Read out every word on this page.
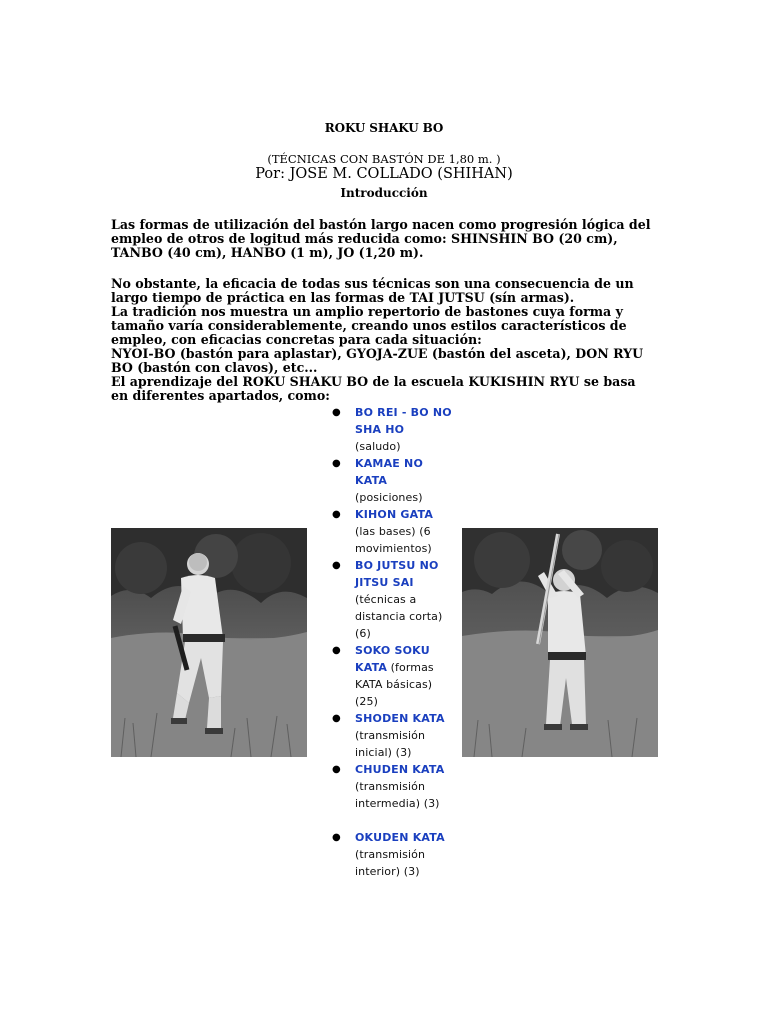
ROKU SHAKU BO
(TÉCNICAS CON BASTÓN DE 1,80 m. )
Por: JOSE M. COLLADO (SHIHAN)
Introducción

Las formas de utilización del bastón largo nacen como progresión lógica del empleo de otros de logitud más reducida como: SHINSHIN BO (20 cm), TANBO (40 cm), HANBO (1 m), JO (1,20 m).

No obstante, la eficacia de todas sus técnicas son una consecuencia de un largo tiempo de práctica en las formas de TAI JUTSU (sín armas).

La tradición nos muestra un amplio repertorio de bastones cuya forma y tamaño varía considerablemente, creando unos estilos característicos de empleo, con eficacias concretas para cada situación:

NYOI-BO (bastón para aplastar), GYOJA-ZUE (bastón del asceta), DON RYU BO (bastón con clavos), etc...

El aprendizaje del ROKU SHAKU BO de la escuela KUKISHIN RYU se basa en diferentes apartados, como:

● BO REI - BO NO SHA HO
(saludo)
● KAMAE NO KATA
(posiciones)
● KIHON GATA
(las bases) (6 movimientos)
● BO JUTSU NO JITSU SAI
(técnicas a distancia corta) (6)
● SOKO SOKU KATA (formas KATA básicas) (25)
● SHODEN KATA
(transmisión inicial) (3)
● CHUDEN KATA
(transmisión intermedia) (3)
● OKUDEN KATA
(transmisión interior) (3)
